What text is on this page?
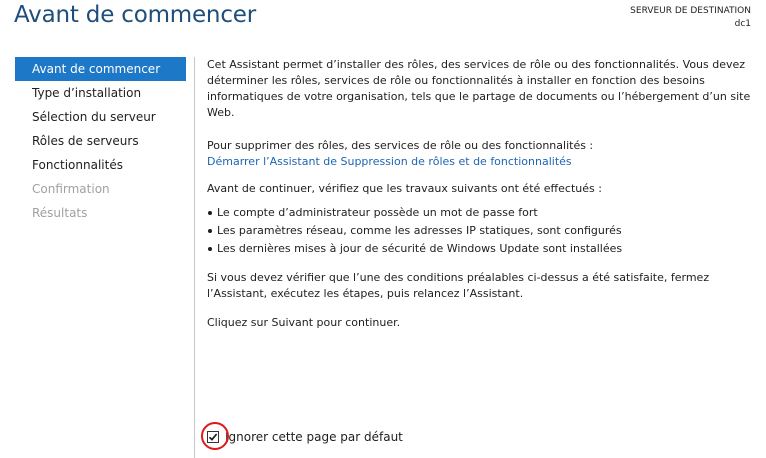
Avant de commencer	SERVEUR DE DESTINATION
dc1
Avant de commencer
Type d’installation
Sélection du serveur
Rôles de serveurs
Fonctionnalités
Confirmation
Résultats

Cet Assistant permet d’installer des rôles, des services de rôle ou des fonctionnalités. Vous devez déterminer les rôles, services de rôle ou fonctionnalités à installer en fonction des besoins informatiques de votre organisation, tels que le partage de documents ou l’hébergement d’un site Web.

Pour supprimer des rôles, des services de rôle ou des fonctionnalités :

Démarrer l’Assistant de Suppression de rôles et de fonctionnalités

Avant de continuer, vérifiez que les travaux suivants ont été effectués :

Le compte d’administrateur possède un mot de passe fort
Les paramètres réseau, comme les adresses IP statiques, sont configurés
Les dernières mises à jour de sécurité de Windows Update sont installées

Si vous devez vérifier que l’une des conditions préalables ci-dessus a été satisfaite, fermez l’Assistant, exécutez les étapes, puis relancez l’Assistant.

Cliquez sur Suivant pour continuer.

Ignorer cette page par défaut
